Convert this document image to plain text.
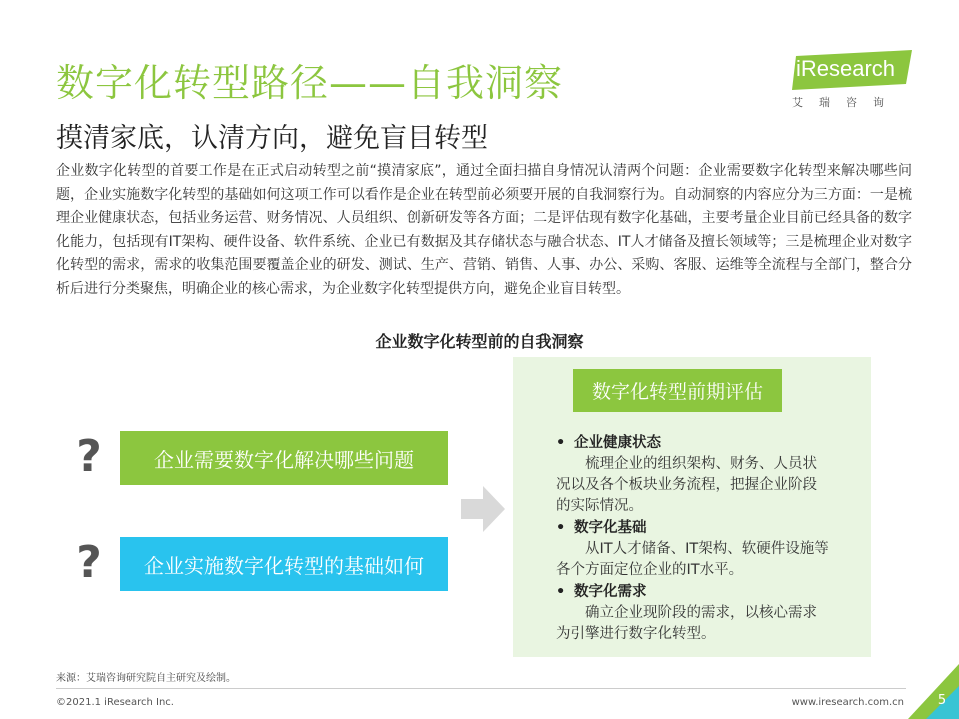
数字化转型路径——自我洞察	iResearch
艾瑞咨询
摸清家底，认清方向，避免盲目转型
企业数字化转型的首要工作是在正式启动转型之前“摸清家底”，通过全面扫描自身情况认清两个问题：企业需要数字化转型来解决哪些问题，企业实施数字化转型的基础如何这项工作可以看作是企业在转型前必须要开展的自我洞察行为。自动洞察的内容应分为三方面：一是梳理企业健康状态，包括业务运营、财务情况、人员组织、创新研发等各方面；二是评估现有数字化基础，主要考量企业目前已经具备的数字化能力，包括现有IT架构、硬件设备、软件系统、企业已有数据及其存储状态与融合状态、IT人才储备及擅长领域等；三是梳理企业对数字化转型的需求，需求的收集范围要覆盖企业的研发、测试、生产、营销、销售、人事、办公、采购、客服、运维等全流程与全部门，整合分析后进行分类聚焦，明确企业的核心需求，为企业数字化转型提供方向，避免企业盲目转型。
企业数字化转型前的自我洞察
?	企业需要数字化解决哪些问题
?	企业实施数字化转型的基础如何
数字化转型前期评估
• 企业健康状态
梳理企业的组织架构、财务、人员状况以及各个板块业务流程，把握企业阶段的实际情况。
• 数字化基础
从IT人才储备、IT架构、软硬件设施等各个方面定位企业的IT水平。
• 数字化需求
确立企业现阶段的需求，以核心需求为引擎进行数字化转型。
来源：艾瑞咨询研究院自主研究及绘制。
©2021.1 iResearch Inc.	www.iresearch.com.cn	5
